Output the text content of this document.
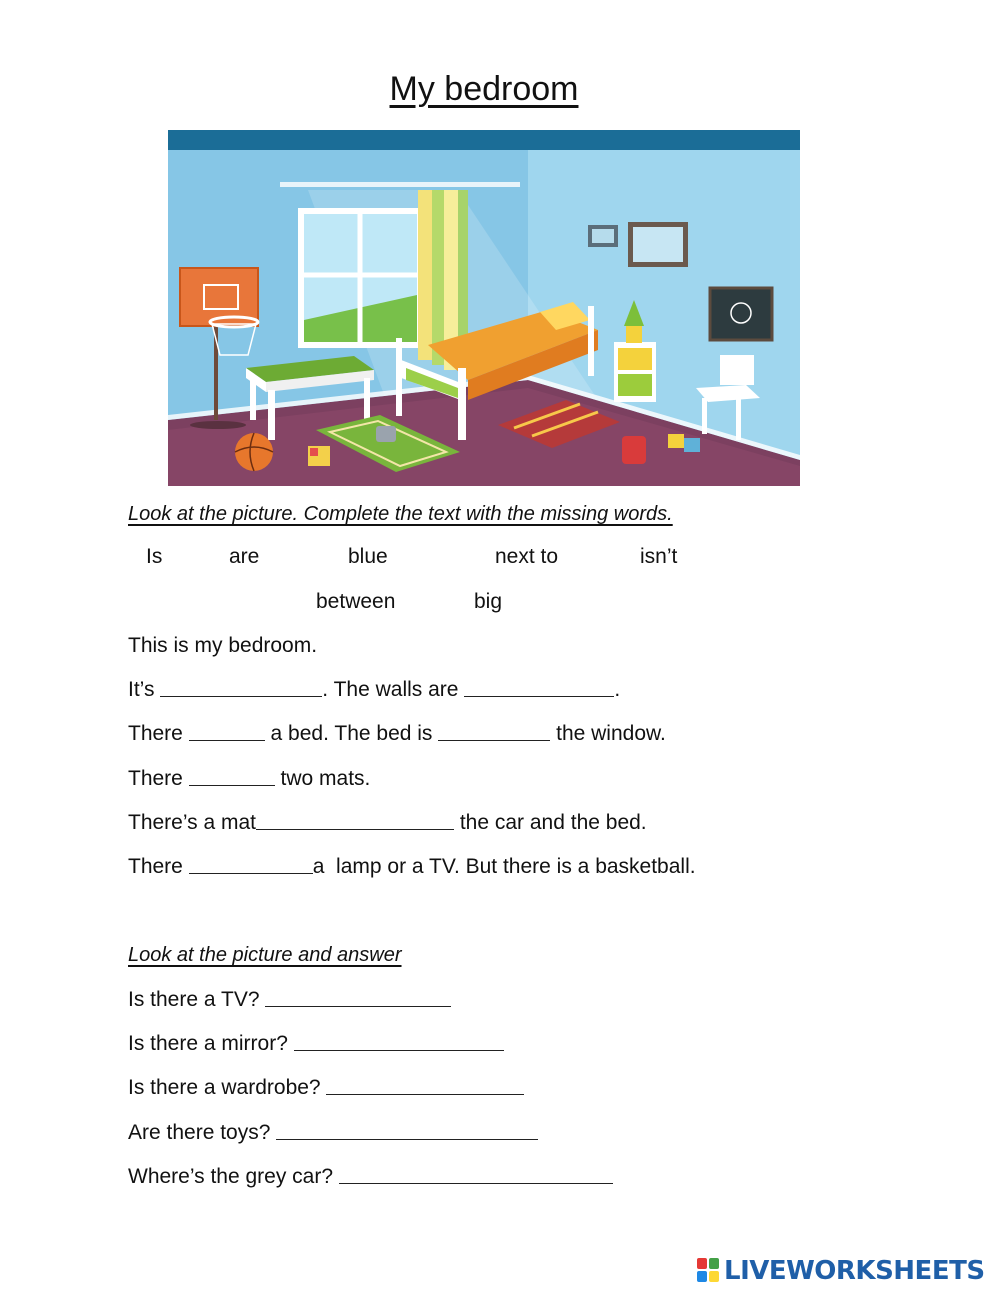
My bedroom
Look at the picture. Complete the text with the missing words.
Is	are	blue	next to	isn’t
between	big
This is my bedroom.
It’s	. The walls are	.
There	a bed. The bed is	the window.
There	two mats.
There’s a mat	the car and the bed.
There	a  lamp or a TV. But there is a basketball.
Look at the picture and answer
Is there a TV?
Is there a mirror?
Is there a wardrobe?
Are there toys?
Where’s the grey car?
LIVEWORKSHEETS
